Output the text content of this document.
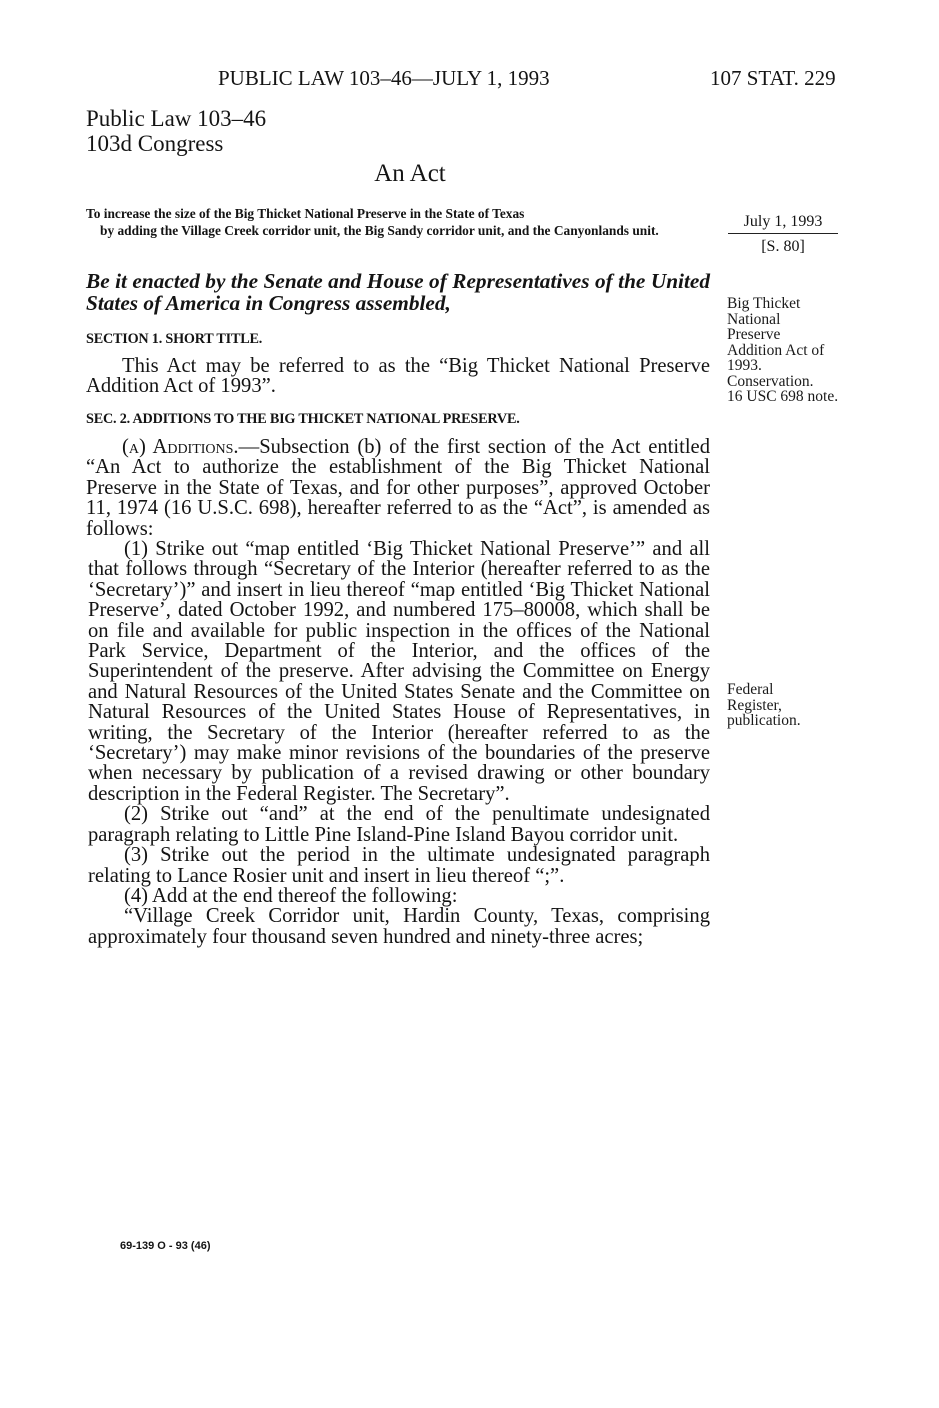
PUBLIC LAW 103–46—JULY 1, 1993	107 STAT. 229
Public Law 103–46
103d Congress
An Act
To increase the size of the Big Thicket National Preserve in the State of Texas
by adding the Village Creek corridor unit, the Big Sandy corridor unit, and the Canyonlands unit.
July 1, 1993
[S. 80]
Be it enacted by the Senate and House of Representatives of the United States of America in Congress assembled,	Big Thicket
National
Preserve
Addition Act of
1993.
Conservation.
16 USC 698 note.
SECTION 1. SHORT TITLE.

This Act may be referred to as the “Big Thicket National Preserve Addition Act of 1993”.

SEC. 2. ADDITIONS TO THE BIG THICKET NATIONAL PRESERVE.

(a) Additions.—Subsection (b) of the first section of the Act entitled “An Act to authorize the establishment of the Big Thicket National Preserve in the State of Texas, and for other purposes”, approved October 11, 1974 (16 U.S.C. 698), hereafter referred to as the “Act”, is amended as follows:

(1) Strike out “map entitled ‘Big Thicket National Preserve’” and all that follows through “Secretary of the Interior (hereafter referred to as the ‘Secretary’)” and insert in lieu thereof “map entitled ‘Big Thicket National Preserve’, dated October 1992, and numbered 175–80008, which shall be on file and available for public inspection in the offices of the National Park Service, Department of the Interior, and the offices of the Superintendent of the preserve. After advising the Committee on Energy and Natural Resources of the United States Senate and the Committee on Natural Resources of the United States House of Representatives, in writing, the Secretary of the Interior (hereafter referred to as the ‘Secretary’) may make minor revisions of the boundaries of the preserve when necessary by publication of a revised drawing or other boundary description in the Federal Register. The Secretary”.

(2) Strike out “and” at the end of the penultimate undesignated paragraph relating to Little Pine Island-Pine Island Bayou corridor unit.

(3) Strike out the period in the ultimate undesignated paragraph relating to Lance Rosier unit and insert in lieu thereof “;”.

(4) Add at the end thereof the following:

“Village Creek Corridor unit, Hardin County, Texas, comprising approximately four thousand seven hundred and ninety-three acres;

Federal
Register,
publication.
69-139 O - 93 (46)
